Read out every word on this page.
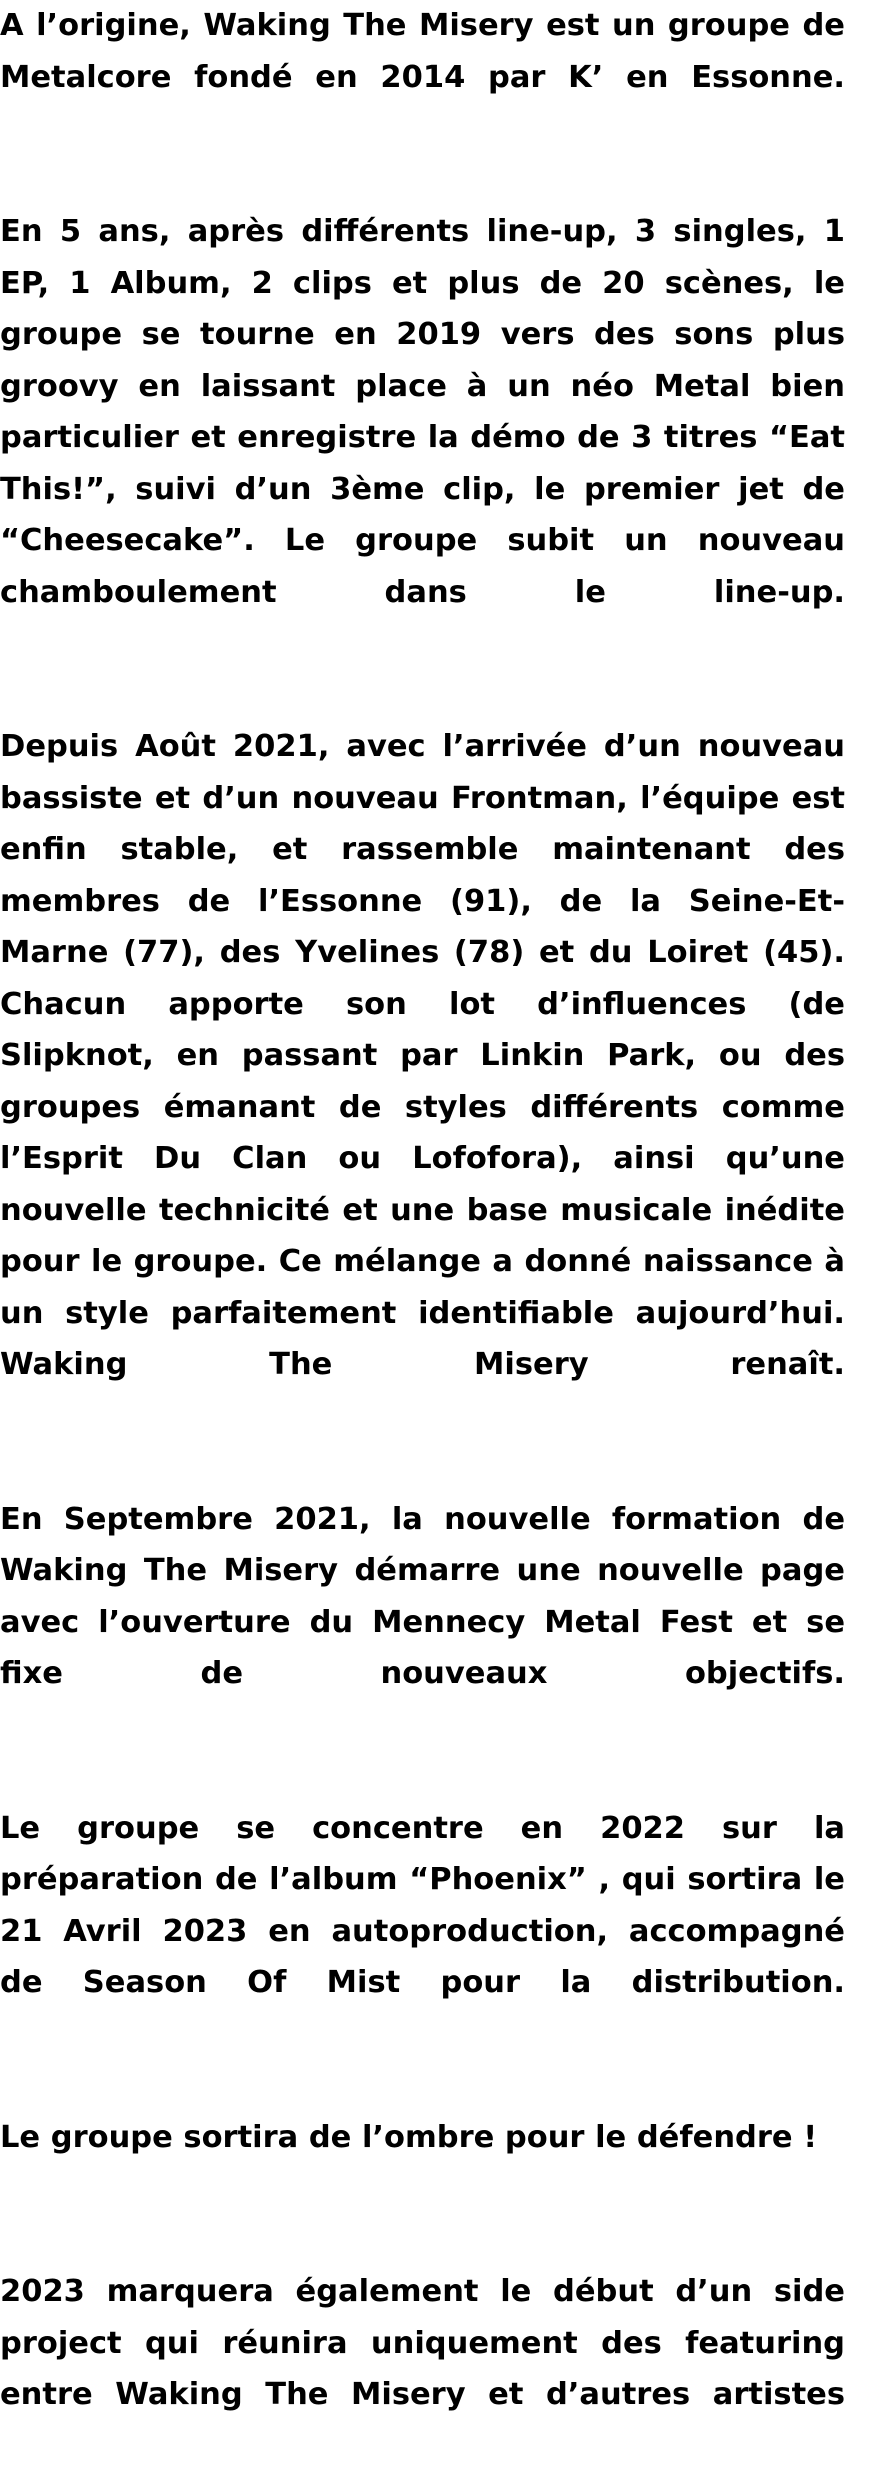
A l’origine, Waking The Misery est un groupe de Metalcore fondé en 2014 par K’ en Essonne.

En 5 ans, après différents line-up, 3 singles, 1 EP, 1 Album, 2 clips et plus de 20 scènes, le groupe se tourne en 2019 vers des sons plus groovy en laissant place à un néo Metal bien particulier et enregistre la démo de 3 titres “Eat This!”, suivi d’un 3ème clip, le premier jet de “Cheesecake”. Le groupe subit un nouveau chamboulement dans le line-up.

Depuis Août 2021, avec l’arrivée d’un nouveau bassiste et d’un nouveau Frontman, l’équipe est enfin stable, et rassemble maintenant des membres de l’Essonne (91), de la Seine-Et-Marne (77), des Yvelines (78) et du Loiret (45). Chacun apporte son lot d’influences (de Slipknot, en passant par Linkin Park, ou des groupes émanant de styles différents comme l’Esprit Du Clan ou Lofofora), ainsi qu’une nouvelle technicité et une base musicale inédite pour le groupe. Ce mélange a donné naissance à un style parfaitement identifiable aujourd’hui. Waking The Misery renaît.

En Septembre 2021, la nouvelle formation de Waking The Misery démarre une nouvelle page avec l’ouverture du Mennecy Metal Fest et se fixe de nouveaux objectifs.

Le groupe se concentre en 2022 sur la préparation de l’album “Phoenix” , qui sortira le 21 Avril 2023 en autoproduction, accompagné de Season Of Mist pour la distribution.

Le groupe sortira de l’ombre pour le défendre !

2023 marquera également le début d’un side project qui réunira uniquement des featuring entre Waking The Misery et d’autres artistes
